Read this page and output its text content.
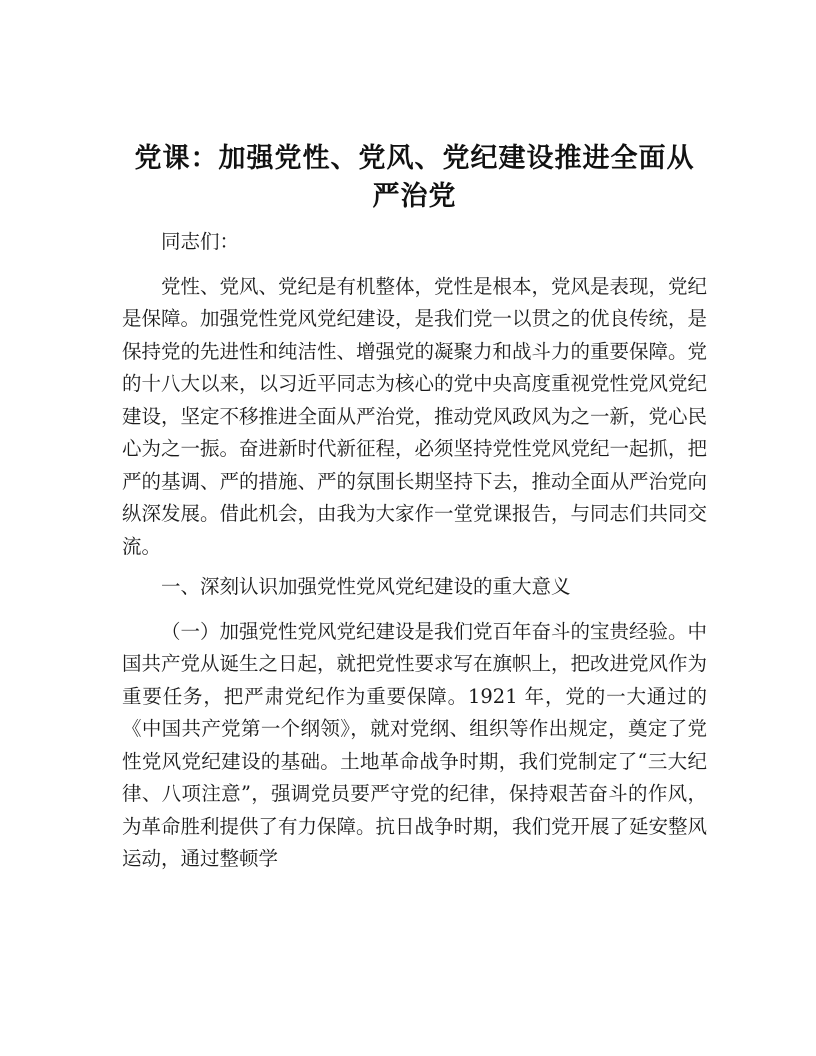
党课：加强党性、党风、党纪建设推进全面从
严治党

同志们：

党性、党风、党纪是有机整体，党性是根本，党风是表现，党纪是保障。加强党性党风党纪建设，是我们党一以贯之的优良传统，是保持党的先进性和纯洁性、增强党的凝聚力和战斗力的重要保障。党的十八大以来，以习近平同志为核心的党中央高度重视党性党风党纪建设，坚定不移推进全面从严治党，推动党风政风为之一新，党心民心为之一振。奋进新时代新征程，必须坚持党性党风党纪一起抓，把严的基调、严的措施、严的氛围长期坚持下去，推动全面从严治党向纵深发展。借此机会，由我为大家作一堂党课报告，与同志们共同交流。

一、深刻认识加强党性党风党纪建设的重大意义

（一）加强党性党风党纪建设是我们党百年奋斗的宝贵经验。中国共产党从诞生之日起，就把党性要求写在旗帜上，把改进党风作为重要任务，把严肃党纪作为重要保障。1921 年，党的一大通过的《中国共产党第一个纲领》，就对党纲、组织等作出规定，奠定了党性党风党纪建设的基础。土地革命战争时期，我们党制定了“三大纪律、八项注意”，强调党员要严守党的纪律，保持艰苦奋斗的作风，为革命胜利提供了有力保障。抗日战争时期，我们党开展了延安整风运动，通过整顿学
